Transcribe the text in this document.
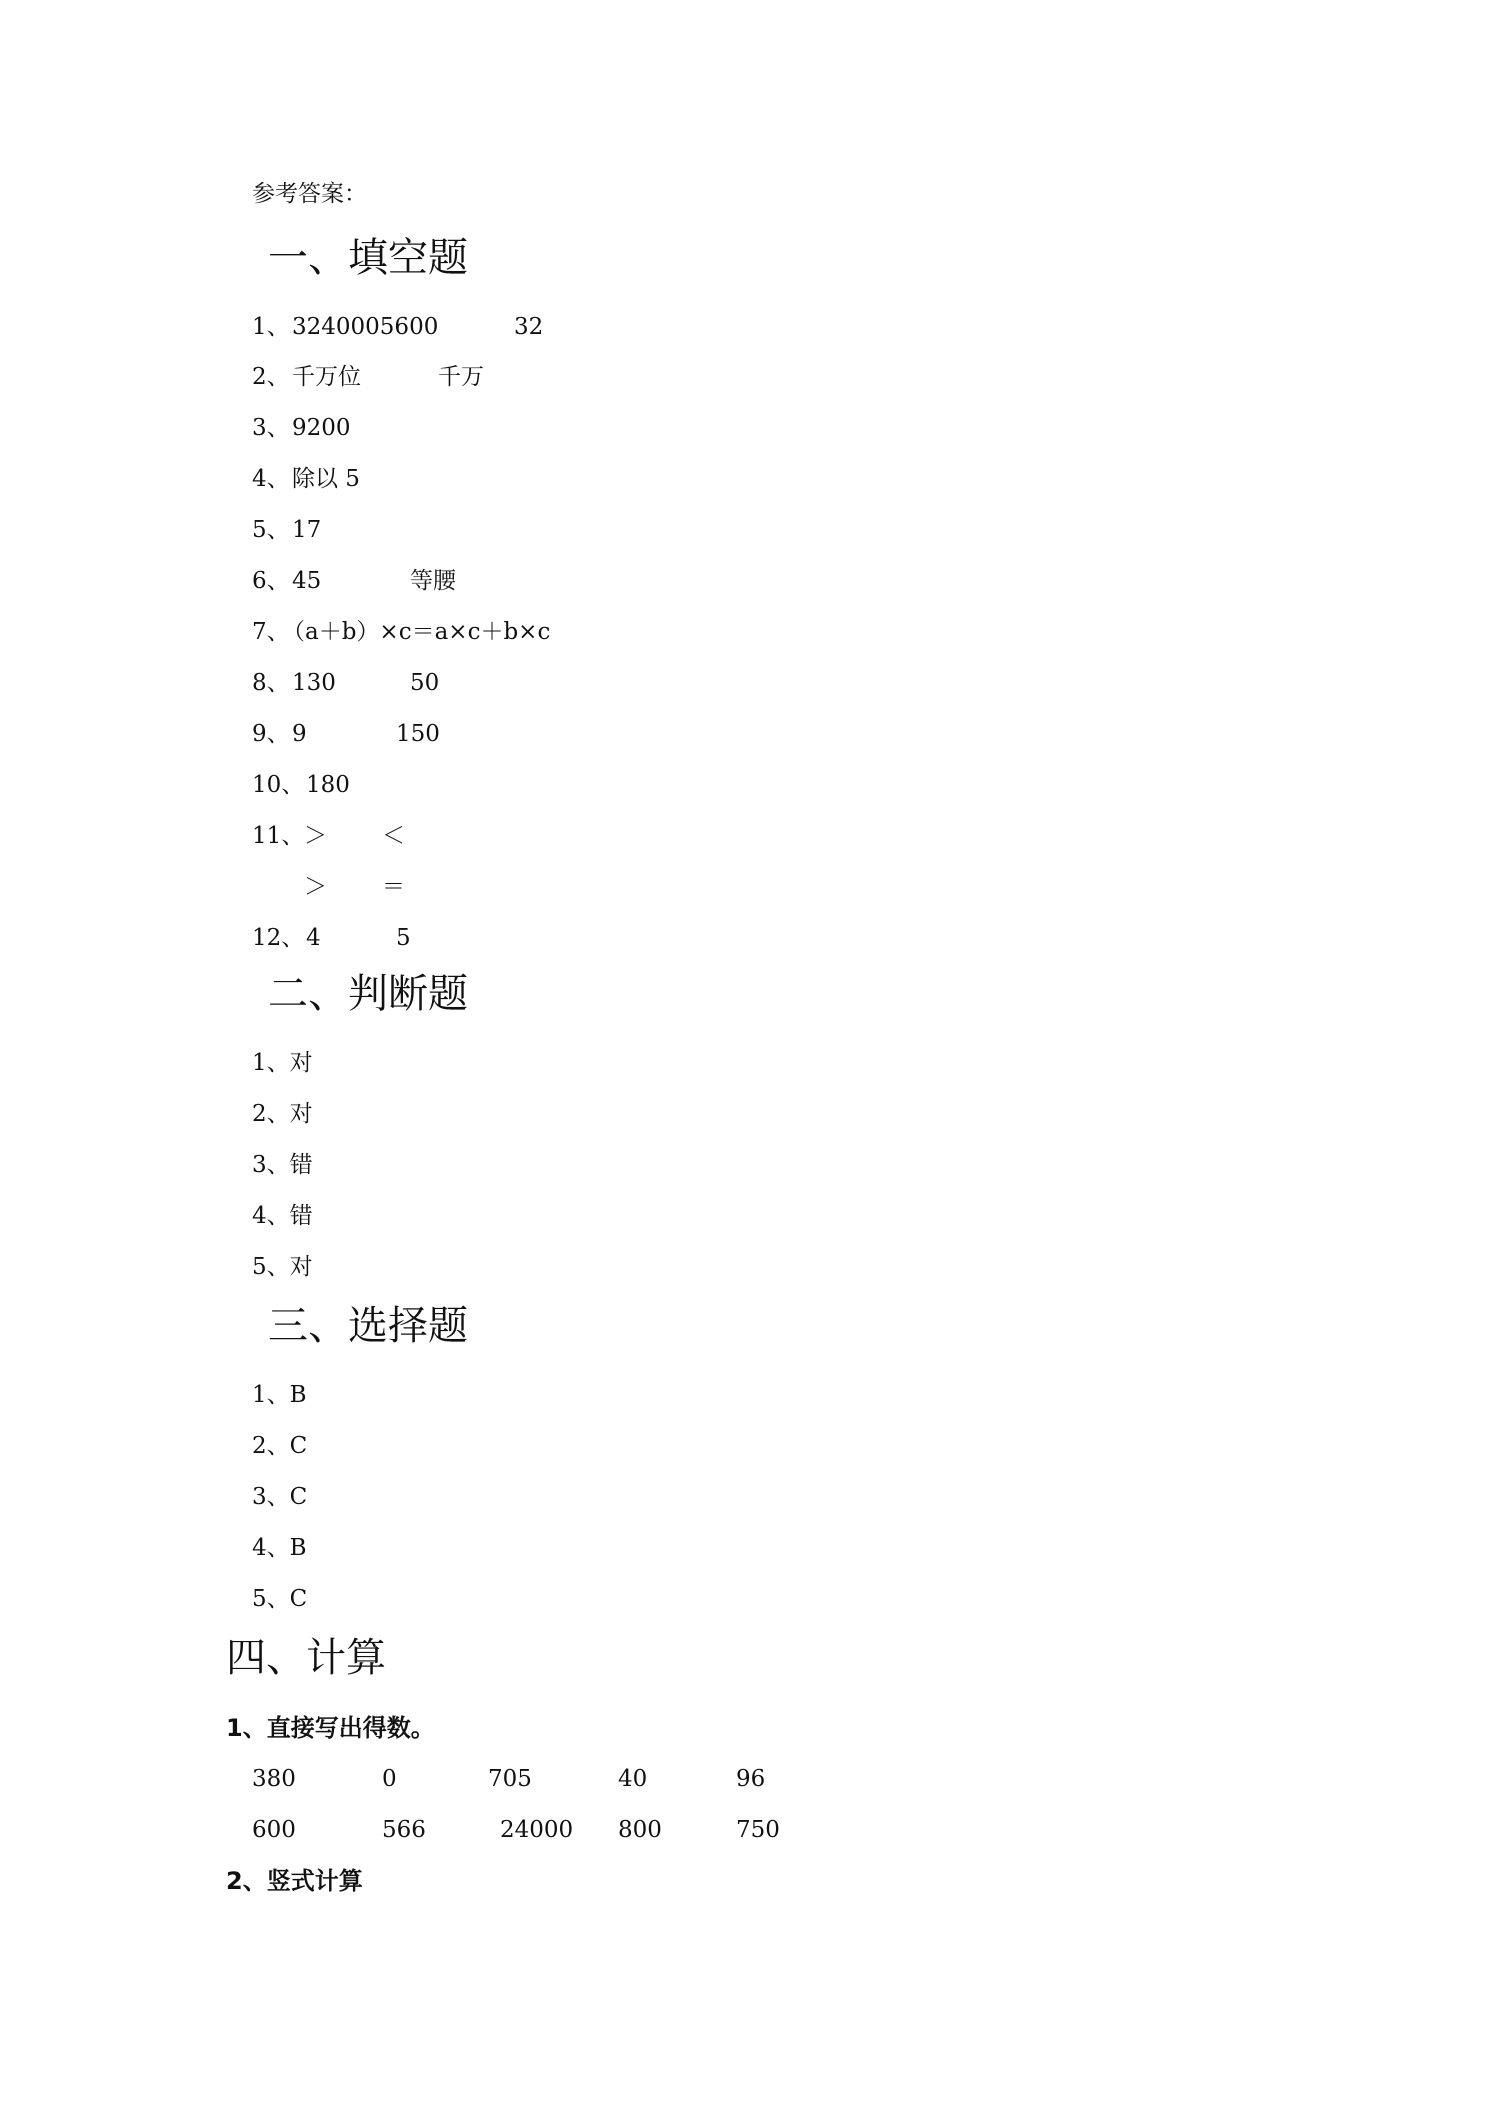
参考答案：
一、填空题
1、 3240005600	32
2、 千万位	千万
3、 9200
4、 除以 5
5、 17
6、 45	等腰
7、
（a＋b）×c＝a×c＋b×c
8、 130	50
9、 9	150
10、 180
11、 ＞ ＜
＞ ＝
12、 4	5
二、判断题
1、对
2、对
3、错
4、错
5、对
三、选择题
1、B
2、C
3、C
4、B
5、C
四、计算
1、直接写出得数。
380	0	705	40	96
600	566	24000 800	750
2、竖式计算
